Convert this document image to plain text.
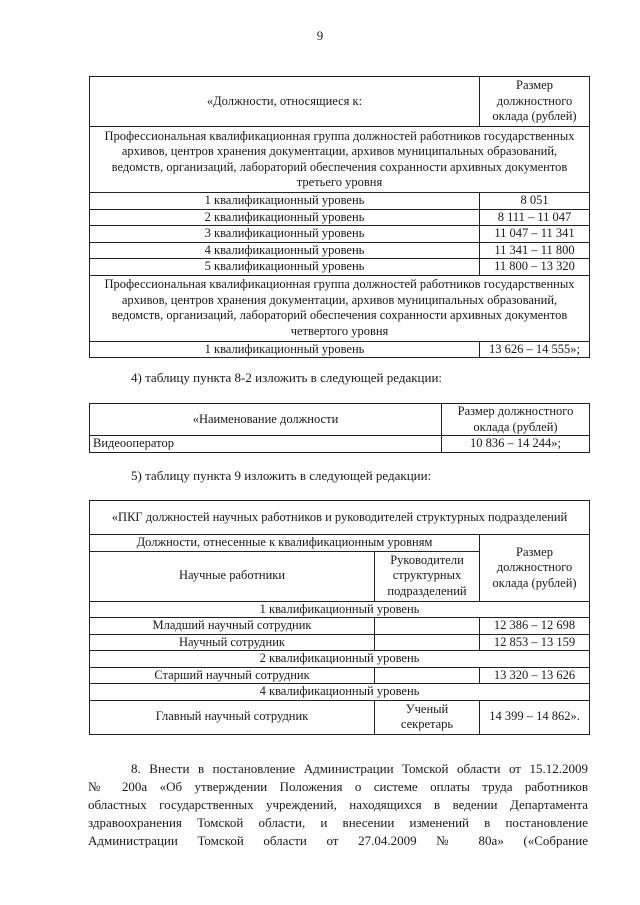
9
«Должности, относящиеся к:	Размер должностного оклада (рублей)
Профессиональная квалификационная группа должностей работников государственных архивов, центров хранения документации, архивов муниципальных образований, ведомств, организаций, лабораторий обеспечения сохранности архивных документов третьего уровня	
1 квалификационный уровень	8 051
2 квалификационный уровень	8 111 – 11 047
3 квалификационный уровень	11 047 – 11 341
4 квалификационный уровень	11 341 – 11 800
5 квалификационный уровень	11 800 – 13 320
Профессиональная квалификационная группа должностей работников государственных архивов, центров хранения документации, архивов муниципальных образований, ведомств, организаций, лабораторий обеспечения сохранности архивных документов четвертого уровня	
1 квалификационный уровень	13 626 – 14 555»;
4) таблицу пункта 8-2 изложить в следующей редакции:
«Наименование должности	Размер должностного оклада (рублей)
Видеооператор	10 836 – 14 244»;
5) таблицу пункта 9 изложить в следующей редакции:
«ПКГ должностей научных работников и руководителей структурных подразделений		
Должности, отнесенные к квалификационным уровням		Размер должностного оклада (рублей)
Научные работники	Руководители структурных подразделений	
1 квалификационный уровень		
Младший научный сотрудник		12 386 – 12 698
Научный сотрудник		12 853 – 13 159
2 квалификационный уровень		
Старший научный сотрудник		13 320 – 13 626
4 квалификационный уровень		
Главный научный сотрудник	Ученый секретарь	14 399 – 14 862».
8. Внести в постановление Администрации Томской области от 15.12.2009
№ 200а «Об утверждении Положения о системе оплаты труда работников
областных государственных учреждений, находящихся в ведении Департамента
здравоохранения Томской области, и внесении изменений в постановление
Администрации Томской области от 27.04.2009 № 80а» («Собрание
